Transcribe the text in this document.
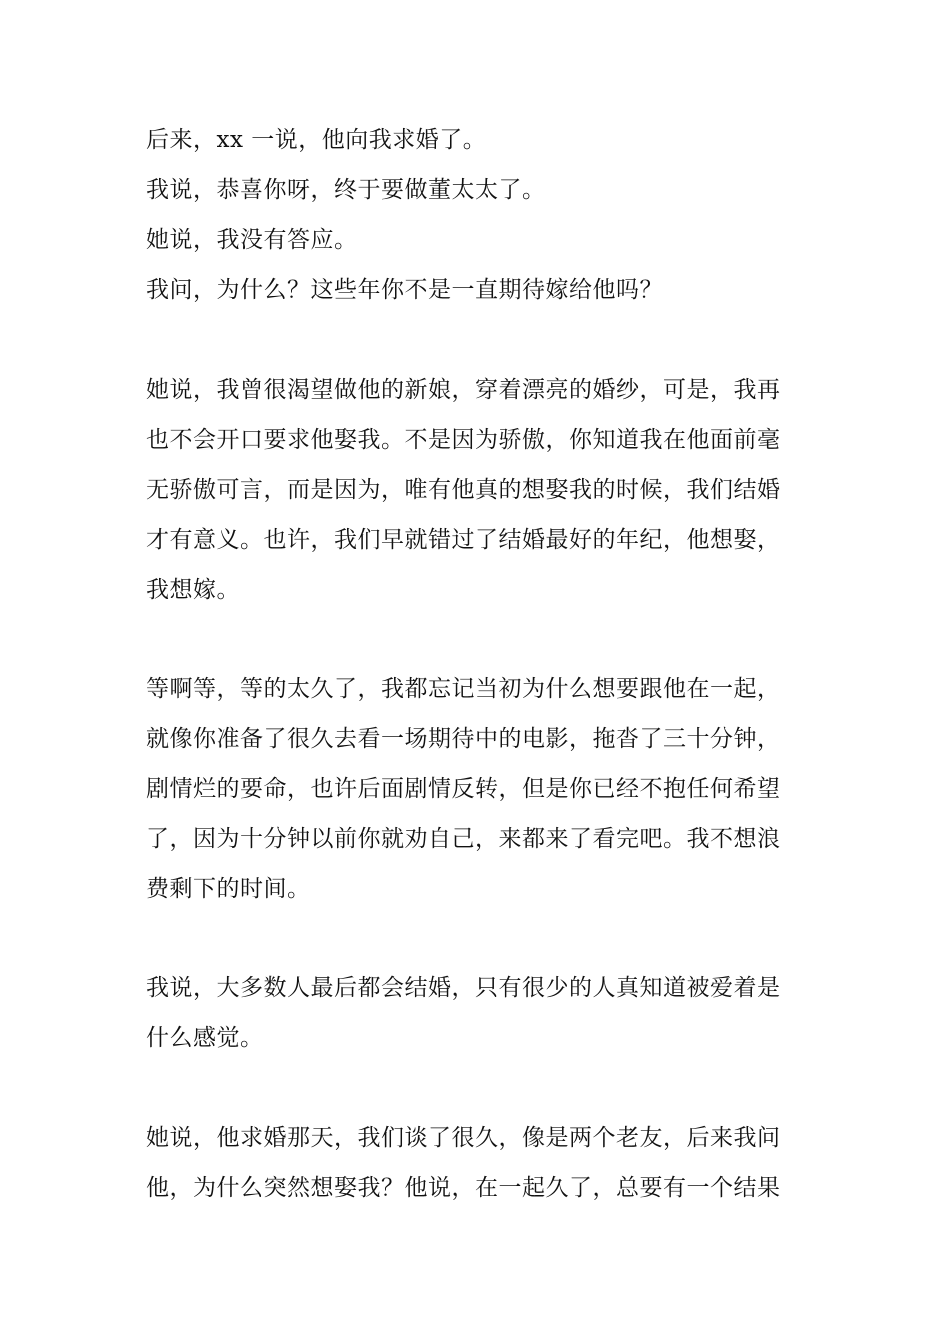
后来，xx 一说，他向我求婚了。
我说，恭喜你呀，终于要做董太太了。
她说，我没有答应。
我问，为什么？这些年你不是一直期待嫁给他吗？
她说，我曾很渴望做他的新娘，穿着漂亮的婚纱，可是，我再
也不会开口要求他娶我。不是因为骄傲，你知道我在他面前毫
无骄傲可言，而是因为，唯有他真的想娶我的时候，我们结婚
才有意义。也许，我们早就错过了结婚最好的年纪，他想娶，
我想嫁。
等啊等，等的太久了，我都忘记当初为什么想要跟他在一起，
就像你准备了很久去看一场期待中的电影，拖沓了三十分钟，
剧情烂的要命，也许后面剧情反转，但是你已经不抱任何希望
了，因为十分钟以前你就劝自己，来都来了看完吧。我不想浪
费剩下的时间。
我说，大多数人最后都会结婚，只有很少的人真知道被爱着是
什么感觉。
她说，他求婚那天，我们谈了很久，像是两个老友，后来我问
他，为什么突然想娶我？他说，在一起久了，总要有一个结果
